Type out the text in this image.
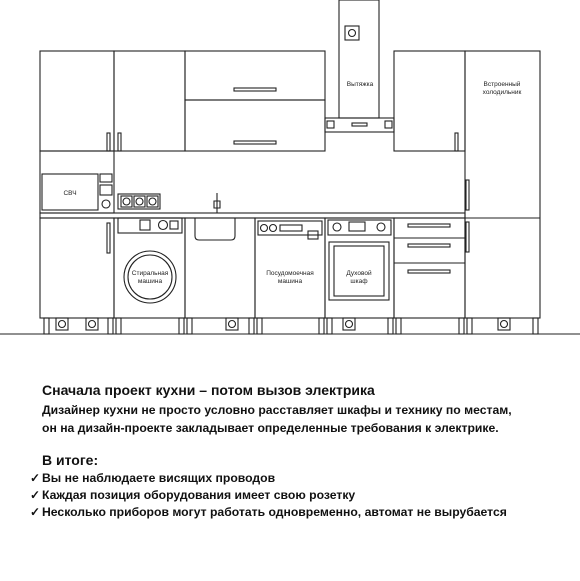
Вытяжка	Встроенный
холодильник
СВЧ
Стиральная
машина
Посудомоечная
машина
Духовой
шкаф

Сначала проект кухни – потом вызов электрика

Дизайнер кухни не просто условно расставляет шкафы и технику по местам,
он на дизайн-проекте закладывает определенные требования к электрике.

В итоге:

✓ Вы не наблюдаете висящих проводов
✓ Каждая позиция оборудования имеет свою розетку
✓ Несколько приборов могут работать одновременно, автомат не вырубается
